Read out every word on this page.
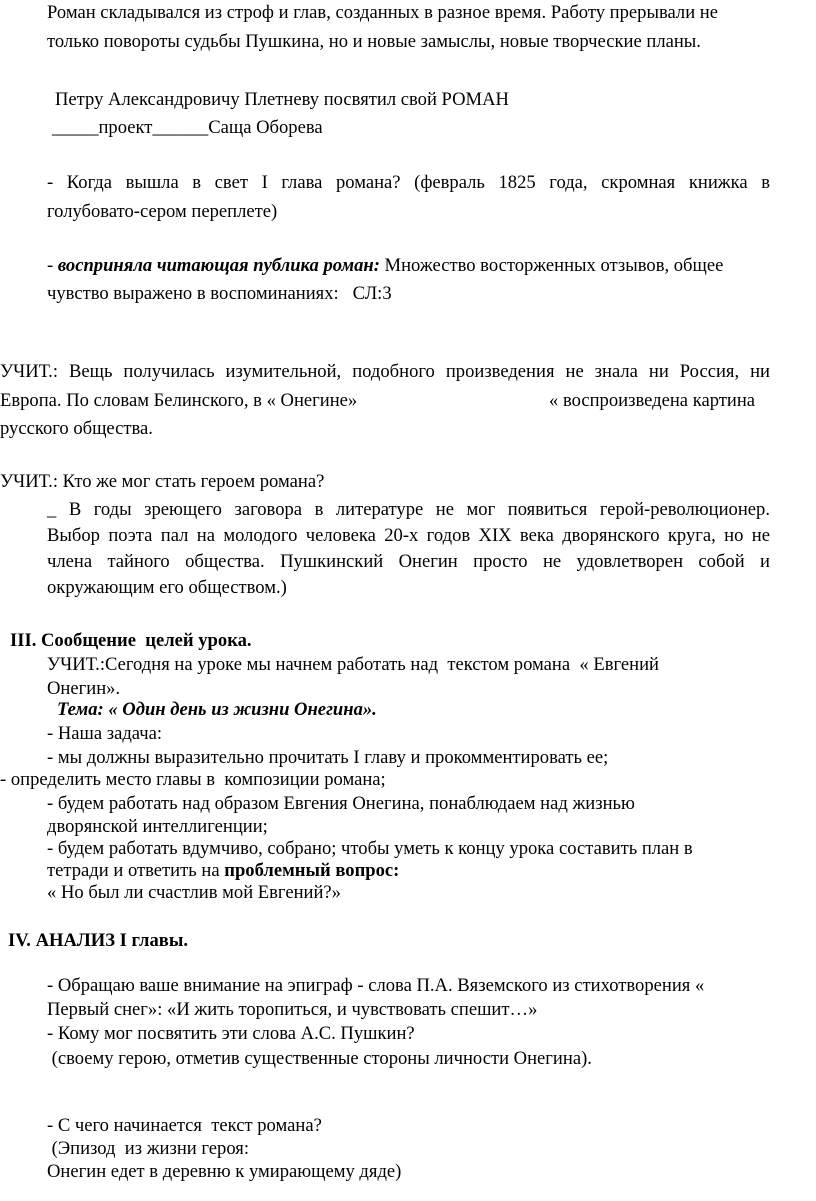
Роман складывался из строф и глав, созданных в разное время. Работу прерывали не
только повороты судьбы Пушкина, но и новые замыслы, новые творческие планы.
Петру Александровичу Плетневу посвятил свой РОМАН
_____проект______Саща Оборева
- Когда вышла в свет I глава романа? (февраль 1825 года, скромная книжка в
голубовато-сером переплете)
- восприняла читающая публика роман: Множество восторженных отзывов, общее
чувство выражено в воспоминаниях:   СЛ:3
УЧИТ.: Вещь получилась изумительной, подобного произведения не знала ни Россия, ни
Европа. По словам Белинского, в « Онегине»	« воспроизведена картина
русского общества.
УЧИТ.: Кто же мог стать героем романа?
_ В годы зреющего заговора в литературе не мог появиться герой-революционер.
Выбор поэта пал на молодого человека 20-х годов XIX века дворянского круга, но не
члена тайного общества. Пушкинский Онегин просто не удовлетворен собой и
окружающим его обществом.)
III. Сообщение  целей урока.
УЧИТ.:Сегодня на уроке мы начнем работать над  текстом романа  « Евгений
Онегин».
Тема: « Один день из жизни Онегина».
- Наша задача:
- мы должны выразительно прочитать I главу и прокомментировать ее;
- определить место главы в  композиции романа;
- будем работать над образом Евгения Онегина, понаблюдаем над жизнью
дворянской интеллигенции;
- будем работать вдумчиво, собрано; чтобы уметь к концу урока составить план в
тетради и ответить на проблемный вопрос:
« Но был ли счастлив мой Евгений?»
IV. АНАЛИЗ I главы.
- Обращаю ваше внимание на эпиграф - слова П.А. Вяземского из стихотворения «
Первый снег»: «И жить торопиться, и чувствовать спешит…»
- Кому мог посвятить эти слова А.С. Пушкин?
(своему герою, отметив существенные стороны личности Онегина).
- С чего начинается  текст романа?
(Эпизод  из жизни героя:
Онегин едет в деревню к умирающему дяде)
